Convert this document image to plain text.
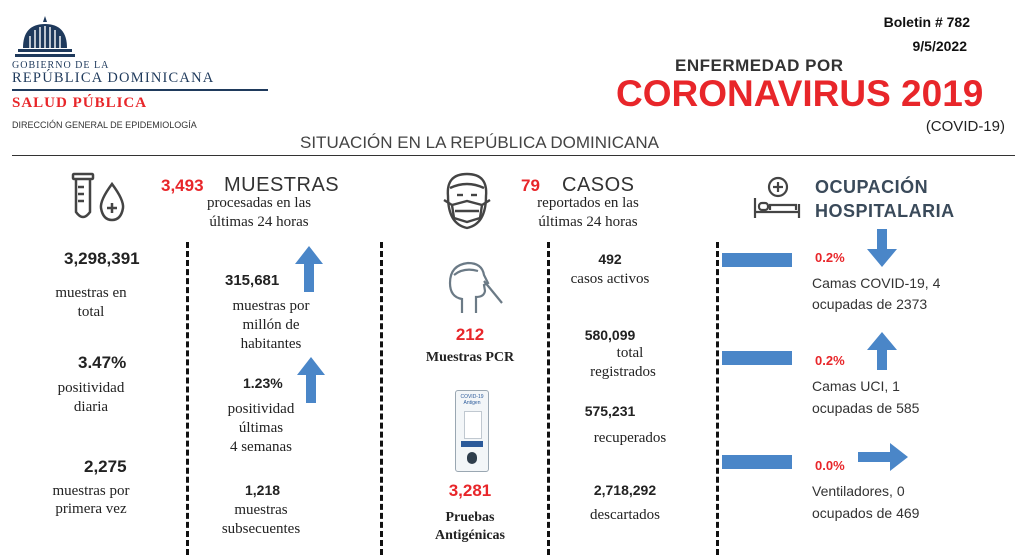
GOBIERNO DE LA
REPÚBLICA DOMINICANA
SALUD PÚBLICA
DIRECCIÓN GENERAL DE EPIDEMIOLOGÍA
Boletin # 782
9/5/2022
ENFERMEDAD POR
CORONAVIRUS 2019
(COVID-19)
SITUACIÓN EN LA REPÚBLICA DOMINICANA
3,493 MUESTRAS
procesadas en las
últimas 24 horas
3,298,391
muestras en
total
3.47%
positividad
diaria
2,275
muestras por
primera vez
315,681
muestras por
millón de
habitantes
1.23%
positividad
últimas
4 semanas
1,218
muestras
subsecuentes
79 CASOS
reportados en las
últimas 24 horas
212
Muestras PCR
COVID-19
Antigen
3,281
Pruebas
Antigénicas
492
casos activos
580,099
total
registrados
575,231
recuperados
2,718,292
descartados
OCUPACIÓN
HOSPITALARIA
0.2%
Camas COVID-19, 4
ocupadas de 2373
0.2%
Camas UCI, 1
ocupadas de 585
0.0%
Ventiladores, 0
ocupados de 469
